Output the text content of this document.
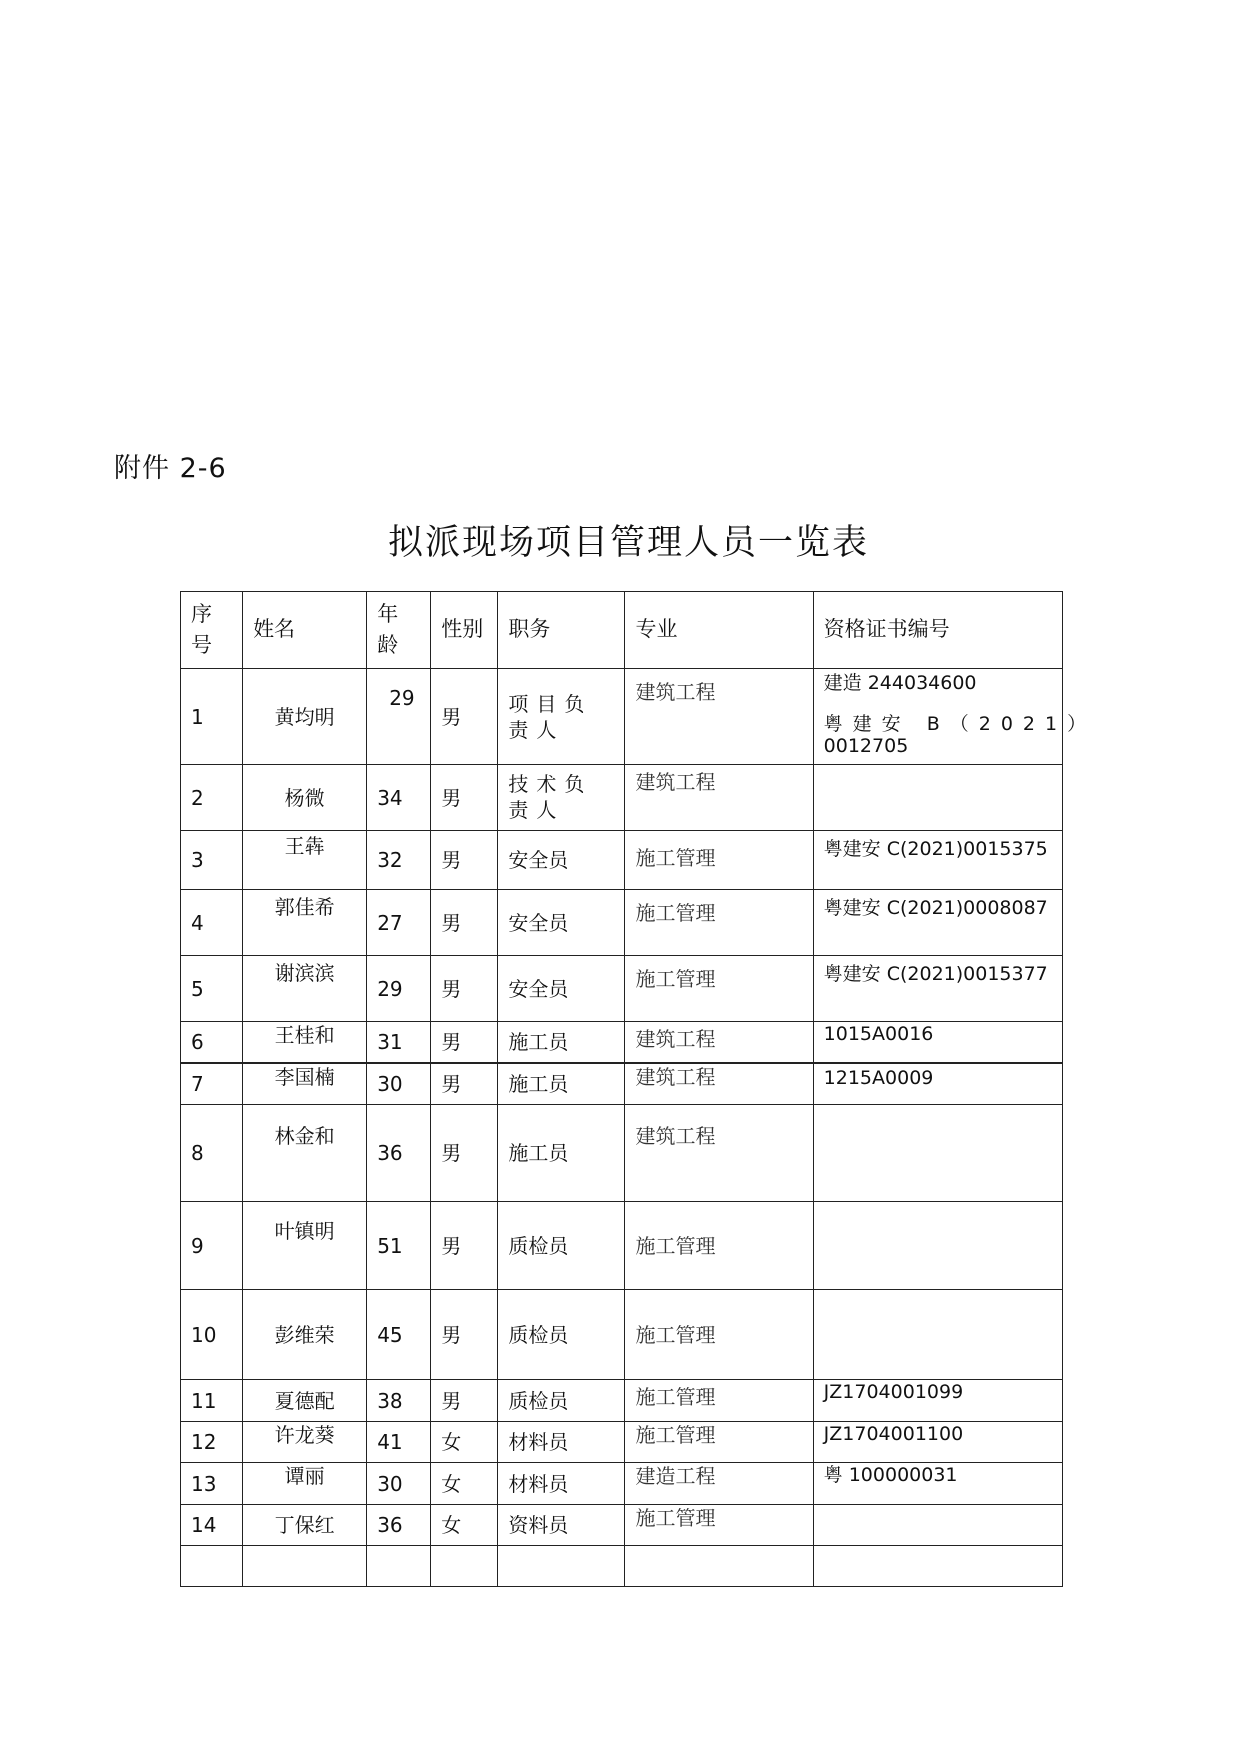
附件 2-6
拟派现场项目管理人员一览表
序号	姓名	年龄	性别	职务	专业	资格证书编号
1	黄均明	29	男	项目负责人	建筑工程	建造 244034600
粤建安 B（2021）
0012705

2	杨微	34	男	技术负责人	建筑工程	
3	王犇	32	男	安全员	施工管理	粤建安 C(2021)0015375
4	郭佳希	27	男	安全员	施工管理	粤建安 C(2021)0008087
5	谢滨滨	29	男	安全员	施工管理	粤建安 C(2021)0015377
6	王桂和	31	男	施工员	建筑工程	1015A0016
7	李国楠	30	男	施工员	建筑工程	1215A0009
8	林金和	36	男	施工员	建筑工程	
9	叶镇明	51	男	质检员	施工管理	
10	彭维荣	45	男	质检员	施工管理	
11	夏德配	38	男	质检员	施工管理	JZ1704001099
12	许龙葵	41	女	材料员	施工管理	JZ1704001100
13	谭丽	30	女	材料员	建造工程	粤 100000031
14	丁保红	36	女	资料员	施工管理	
